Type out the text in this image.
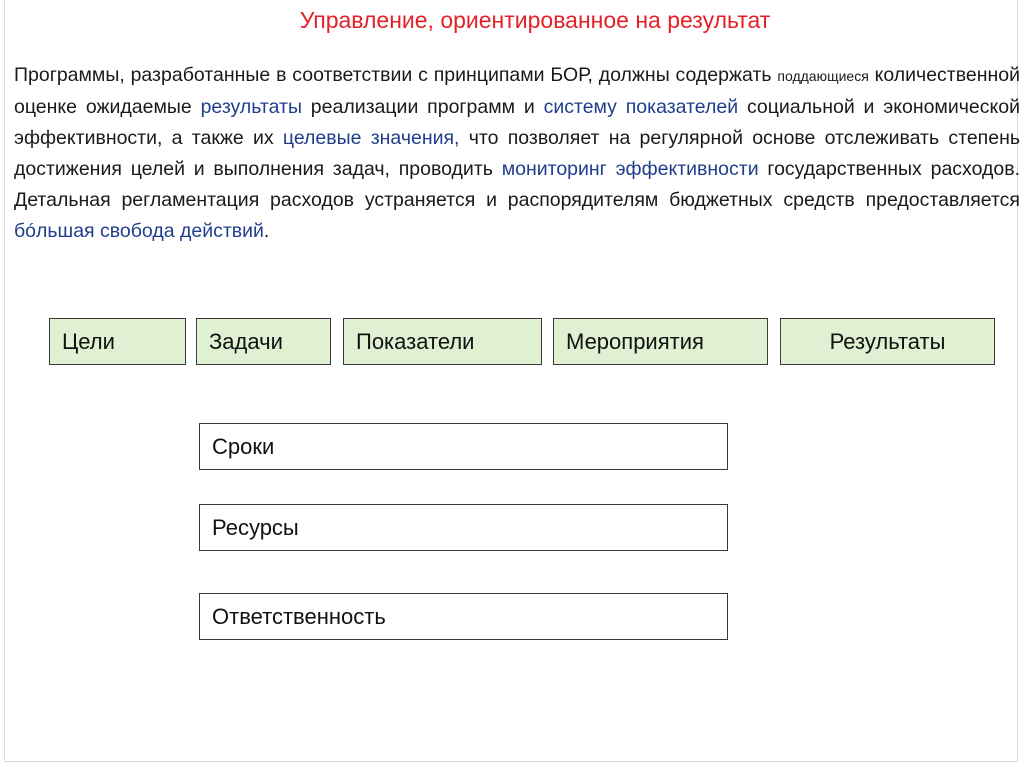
Управление, ориентированное на результат
Программы, разработанные в соответствии с принципами БОР, должны содержать поддающиеся количественной оценке ожидаемые результаты реализации программ и систему показателей социальной и экономической эффективности, а также их целевые значения, что позволяет на регулярной основе отслеживать степень достижения целей и выполнения задач, проводить мониторинг эффективности государственных расходов. Детальная регламентация расходов устраняется и распорядителям бюджетных средств предоставляется бóльшая свобода действий.
Цели	Задачи	Показатели	Мероприятия	Результаты
Сроки
Ресурсы
Ответственность
